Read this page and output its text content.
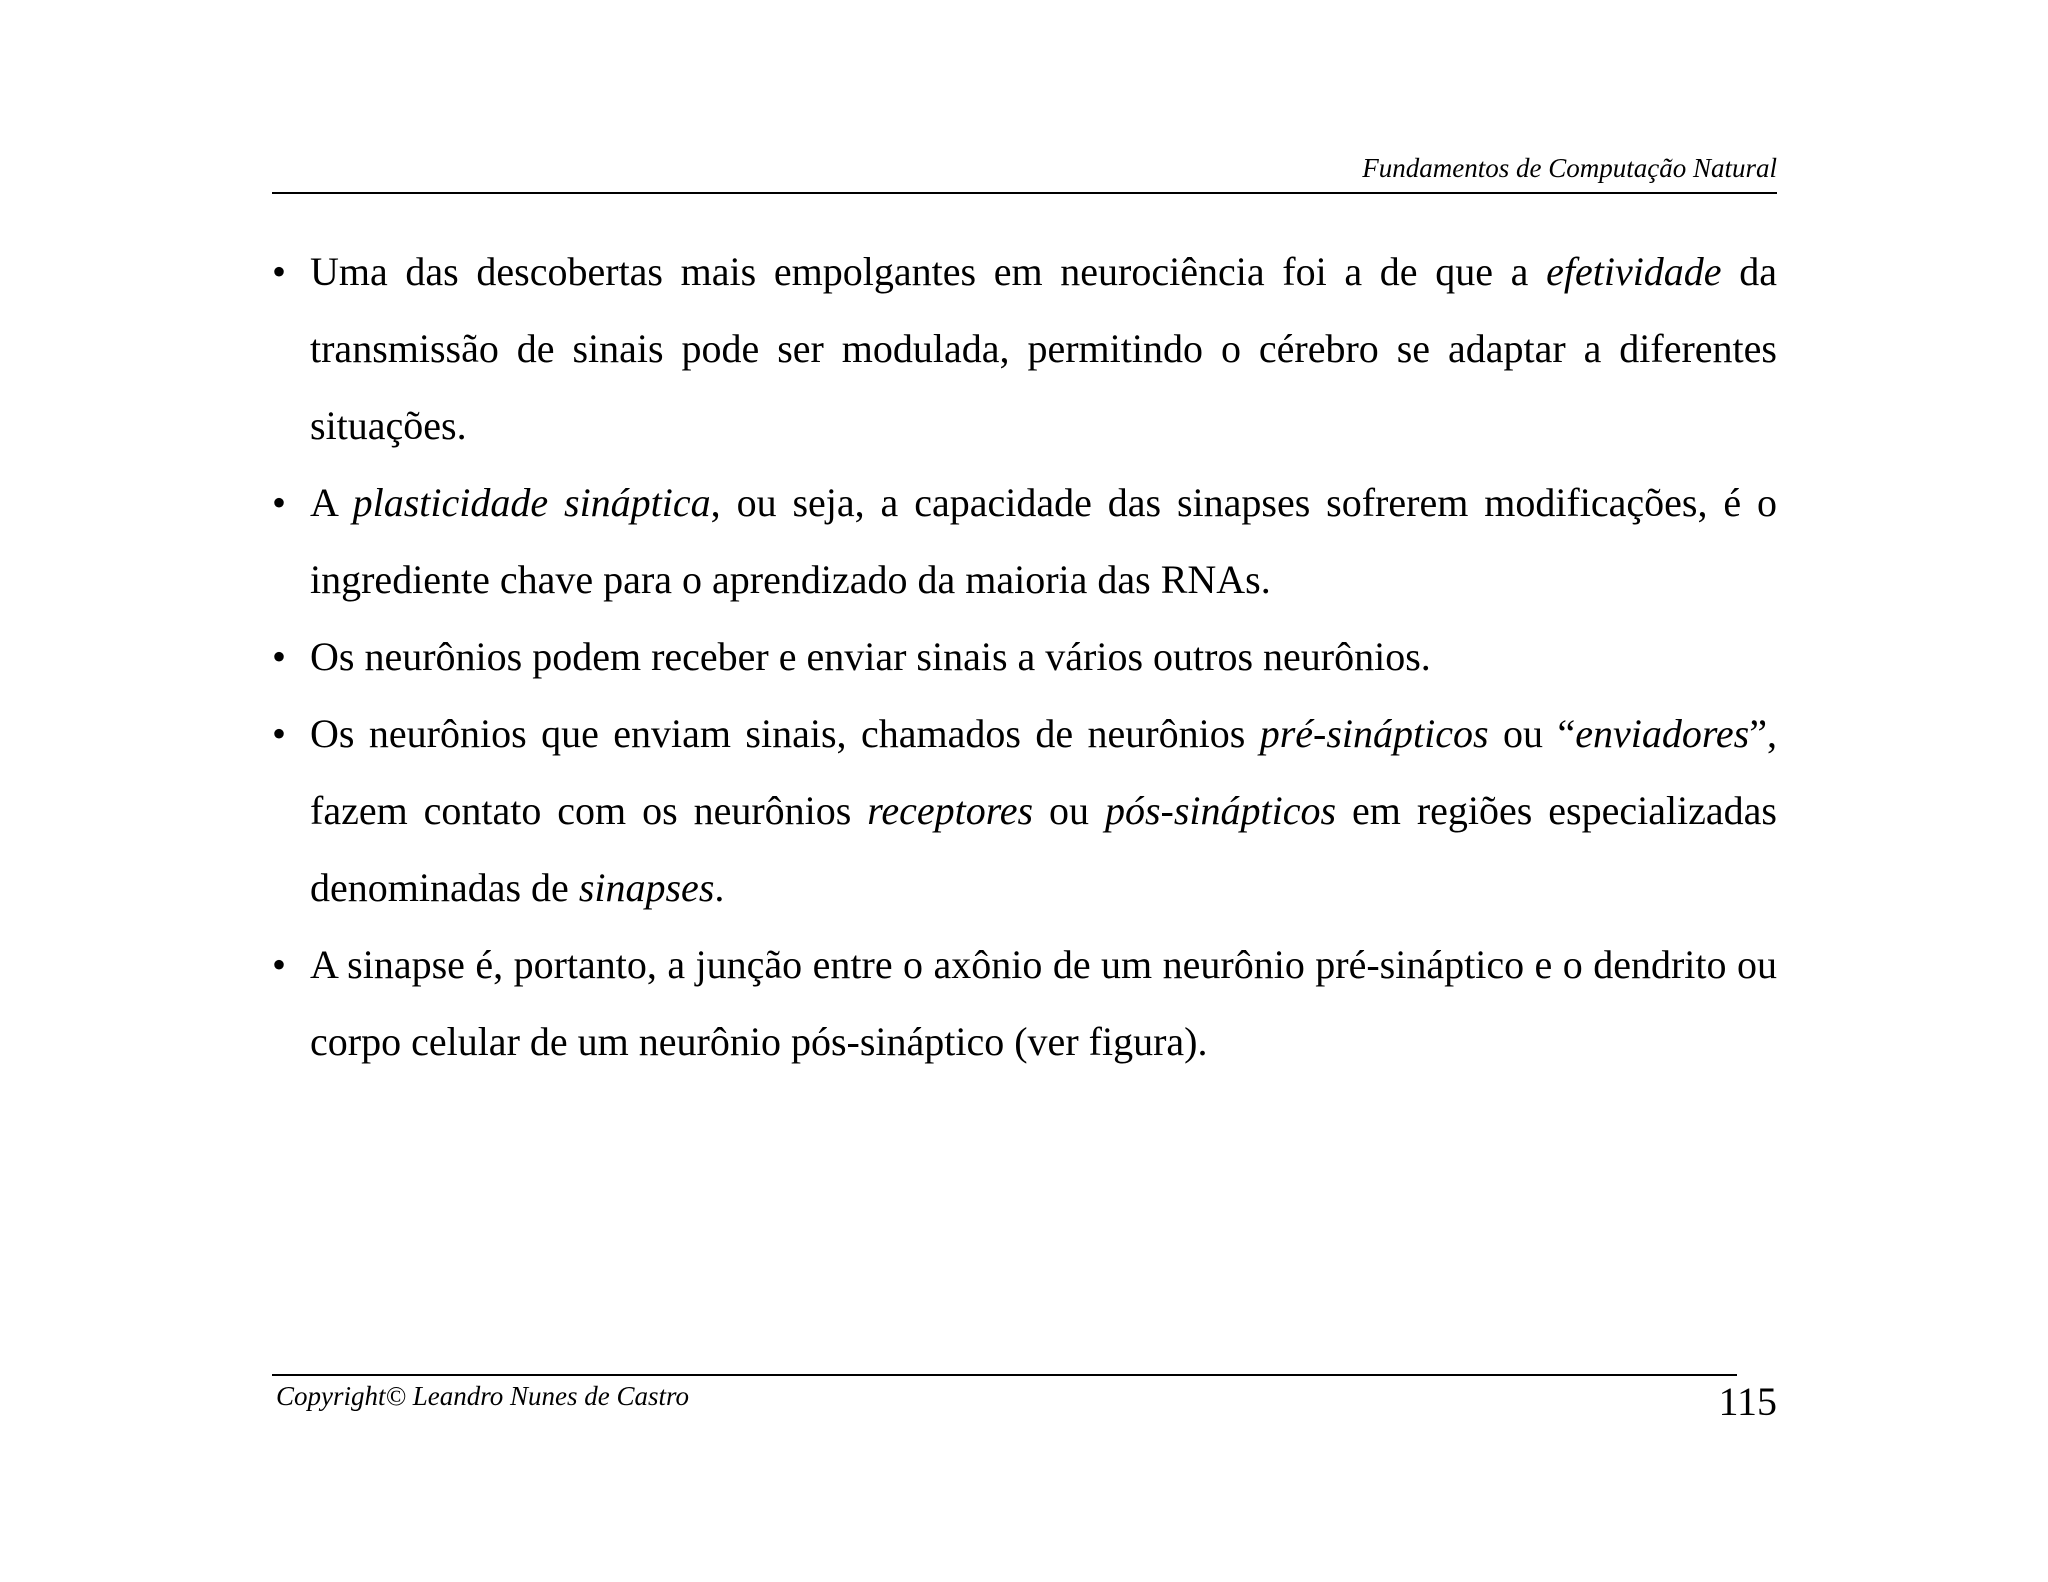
Fundamentos de Computação Natural
• Uma das descobertas mais empolgantes em neurociência foi a de que a efetividade da transmissão de sinais pode ser modulada, permitindo o cérebro se adaptar a diferentes situações.
• A plasticidade sináptica, ou seja, a capacidade das sinapses sofrerem modificações, é o ingrediente chave para o aprendizado da maioria das RNAs.
• Os neurônios podem receber e enviar sinais a vários outros neurônios.
• Os neurônios que enviam sinais, chamados de neurônios pré-sinápticos ou “enviadores”, fazem contato com os neurônios receptores ou pós-sinápticos em regiões especializadas denominadas de sinapses.
• A sinapse é, portanto, a junção entre o axônio de um neurônio pré-sináptico e o dendrito ou corpo celular de um neurônio pós-sináptico (ver figura).
Copyright© Leandro Nunes de Castro	115
